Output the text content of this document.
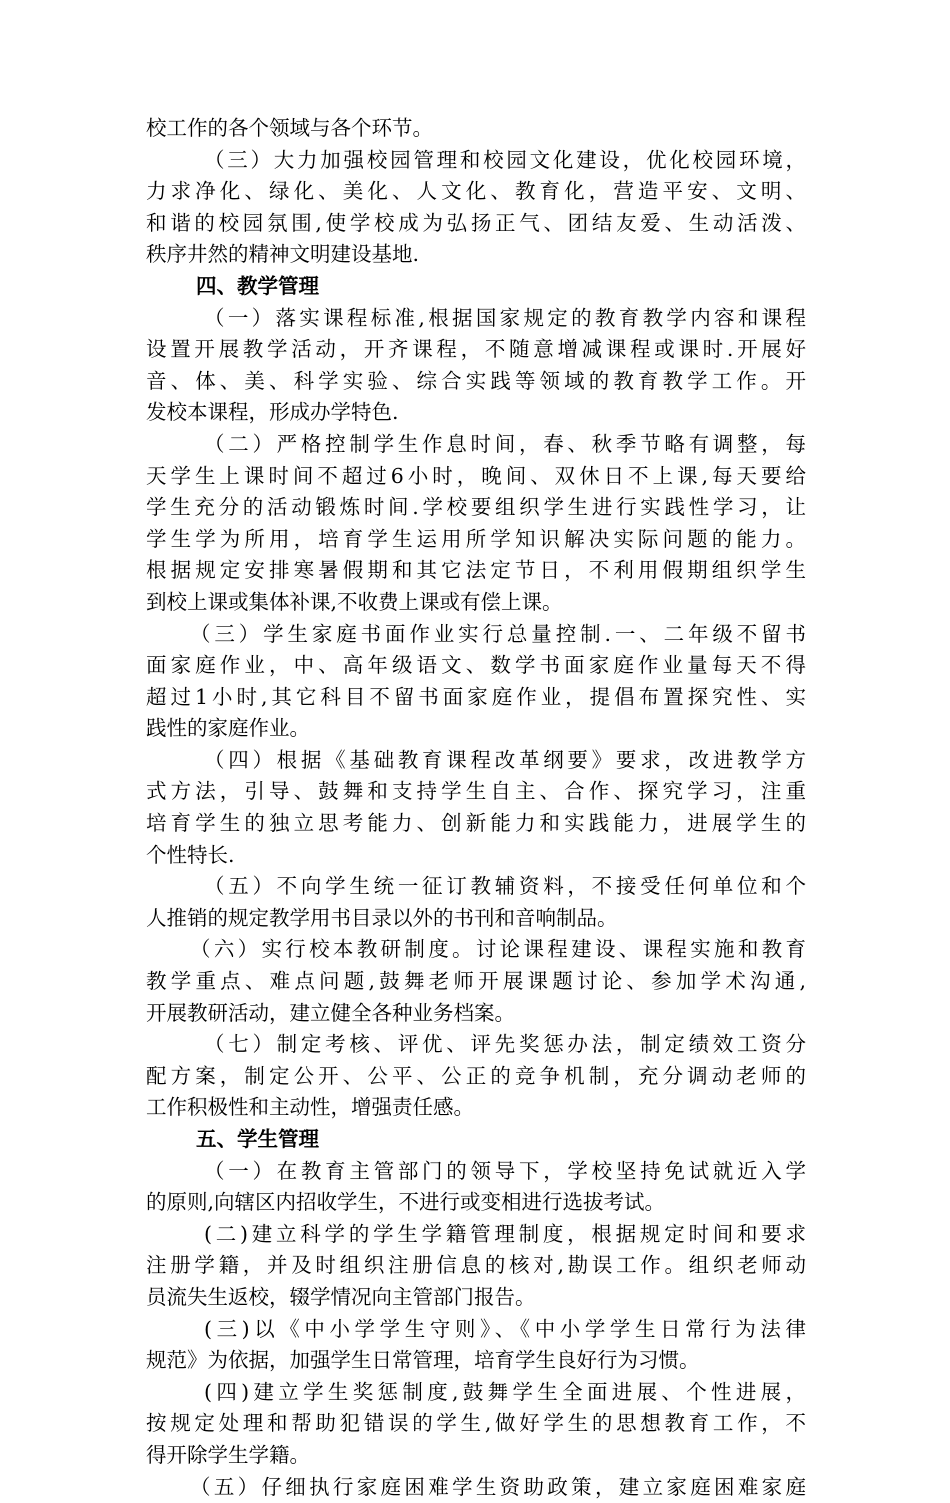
校工作的各个领域与各个环节。
（三）大力加强校园管理和校园文化建设，优化校园环境，
力求净化、绿化、美化、人文化、教育化，营造平安、文明、
和谐的校园氛围,使学校成为弘扬正气、团结友爱、生动活泼、
秩序井然的精神文明建设基地.
四、教学管理
（一）落实课程标准,根据国家规定的教育教学内容和课程
设置开展教学活动，开齐课程，不随意增减课程或课时.开展好
音、体、美、科学实验、综合实践等领域的教育教学工作。开
发校本课程，形成办学特色.
（二）严格控制学生作息时间，春、秋季节略有调整，每
天学生上课时间不超过6小时，晚间、双休日不上课,每天要给
学生充分的活动锻炼时间.学校要组织学生进行实践性学习，让
学生学为所用，培育学生运用所学知识解决实际问题的能力。
根据规定安排寒暑假期和其它法定节日，不利用假期组织学生
到校上课或集体补课,不收费上课或有偿上课。
（三）学生家庭书面作业实行总量控制.一、二年级不留书
面家庭作业，中、高年级语文、数学书面家庭作业量每天不得
超过1小时,其它科目不留书面家庭作业，提倡布置探究性、实
践性的家庭作业。
（四）根据《基础教育课程改革纲要》要求，改进教学方
式方法，引导、鼓舞和支持学生自主、合作、探究学习，注重
培育学生的独立思考能力、创新能力和实践能力，进展学生的
个性特长.
（五）不向学生统一征订教辅资料，不接受任何单位和个
人推销的规定教学用书目录以外的书刊和音响制品。
（六）实行校本教研制度。讨论课程建设、课程实施和教育
教学重点、难点问题,鼓舞老师开展课题讨论、参加学术沟通,
开展教研活动，建立健全各种业务档案。
（七）制定考核、评优、评先奖惩办法，制定绩效工资分
配方案，制定公开、公平、公正的竞争机制，充分调动老师的
工作积极性和主动性，增强责任感。
五、学生管理
（一）在教育主管部门的领导下，学校坚持免试就近入学
的原则,向辖区内招收学生，不进行或变相进行选拔考试。
(二)建立科学的学生学籍管理制度，根据规定时间和要求
注册学籍，并及时组织注册信息的核对,勘误工作。组织老师动
员流失生返校，辍学情况向主管部门报告。
(三)以《中小学学生守则》、《中小学学生日常行为法律
规范》为依据，加强学生日常管理，培育学生良好行为习惯。
(四)建立学生奖惩制度,鼓舞学生全面进展、个性进展，
按规定处理和帮助犯错误的学生,做好学生的思想教育工作，不
得开除学生学籍。
（五）仔细执行家庭困难学生资助政策，建立家庭困难家庭
